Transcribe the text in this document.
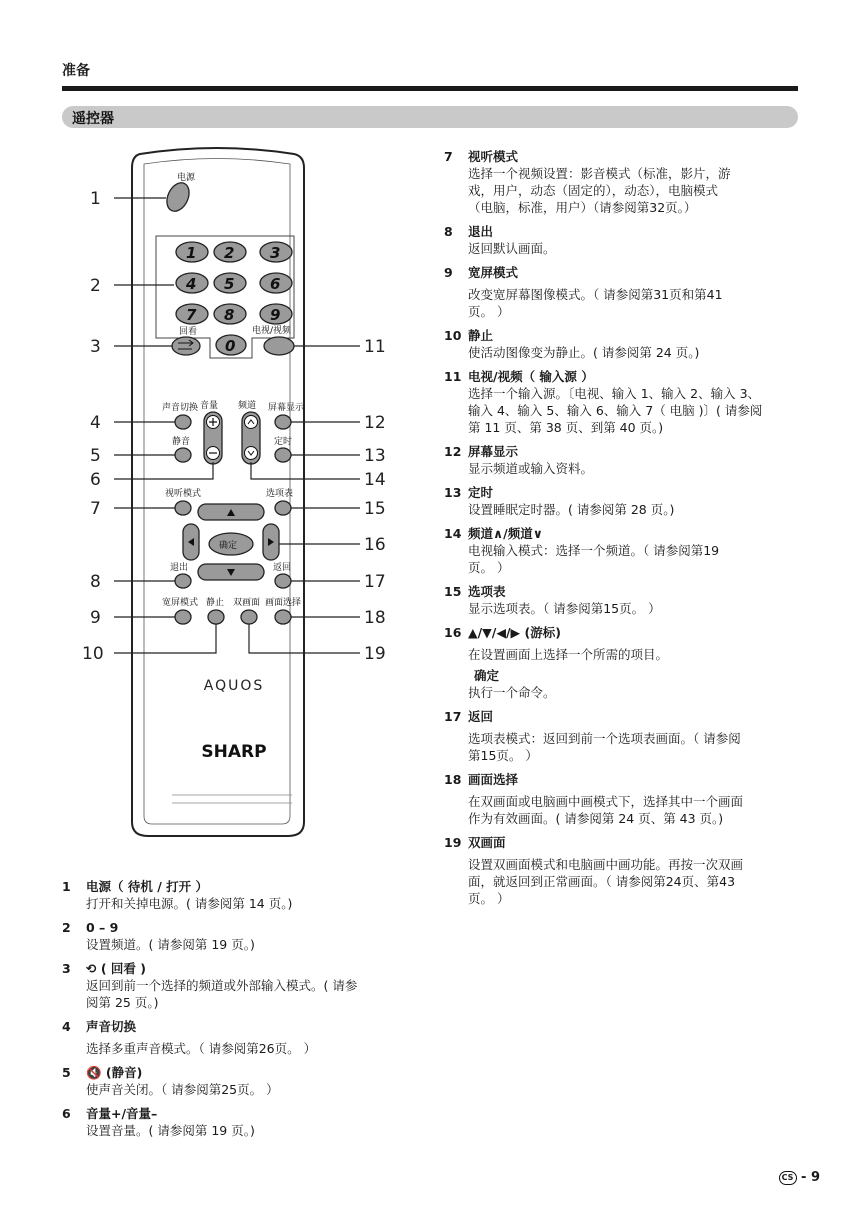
准备
遥控器
电源
1
1 2 3
4 5 6
7 8 9
0
2
回看
3
电视/视频
11
声音切换
4
音量 频道 屏幕显示
12
静音
5
定时
13
6	14
视听模式
7
选项表
15
确定	16
退出
8
返回
17
宽屏模式
9
静止
10
双画面
19
画面选择
18
AQUOS
SHARP
1 电源（ 待机 / 打开 ）
打开和关掉电源。( 请参阅第 14 页。)
2 0 – 9
设置频道。( 请参阅第 19 页。)
3 ⟲ ( 回看 )
返回到前一个选择的频道或外部输入模式。( 请参
阅第 25 页。)
4 声音切换
选择多重声音模式。（ 请参阅第26页。 ）
5 🔇 (静音)
使声音关闭。（ 请参阅第25页。 ）
6 音量+/音量–
设置音量。( 请参阅第 19 页。)
7 视听模式
选择一个视频设置：影音模式（标准，影片，游
戏，用户，动态（固定的），动态），电脑模式
（电脑，标准，用户）（请参阅第32页。）
8 退出
返回默认画面。
9 宽屏模式
改变宽屏幕图像模式。（ 请参阅第31页和第41
页。 ）
10 静止
使活动图像变为静止。( 请参阅第 24 页。)
11 电视/视频（ 输入源 ）
选择一个输入源。〔电视、输入 1、输入 2、输入 3、
输入 4、输入 5、输入 6、输入 7（ 电脑 )〕( 请参阅
第 11 页、第 38 页、到第 40 页。)
12 屏幕显示
显示频道或输入资料。
13 定时
设置睡眠定时器。( 请参阅第 28 页。)
14 频道∧/频道∨
电视输入模式：选择一个频道。（ 请参阅第19
页。 ）
15 选项表
显示选项表。（ 请参阅第15页。 ）
16 ▲/▼/◀/▶ (游标)
在设置画面上选择一个所需的项目。
确定
执行一个命令。
17 返回
选项表模式：返回到前一个选项表画面。（ 请参阅
第15页。 ）
18 画面选择
在双画面或电脑画中画模式下，选择其中一个画面
作为有效画面。( 请参阅第 24 页、第 43 页。)
19 双画面
设置双画面模式和电脑画中画功能。再按一次双画
面，就返回到正常画面。（ 请参阅第24页、第43
页。 ）
CS - 9
